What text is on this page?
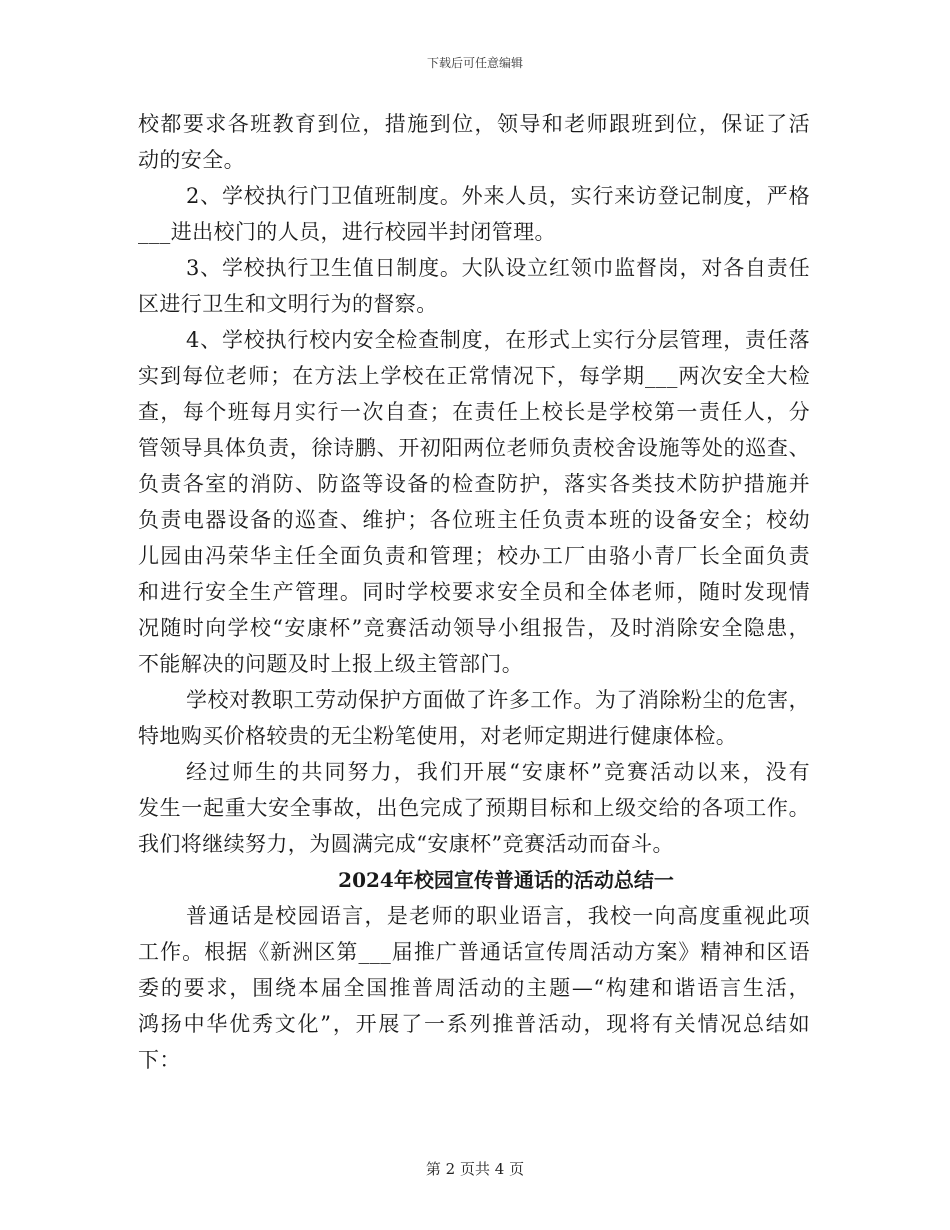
下载后可任意编辑
校都要求各班教育到位，措施到位，领导和老师跟班到位，保证了活
动的安全。
2、学校执行门卫值班制度。外来人员，实行来访登记制度，严格
___进出校门的人员，进行校园半封闭管理。
3、学校执行卫生值日制度。大队设立红领巾监督岗，对各自责任
区进行卫生和文明行为的督察。
4、学校执行校内安全检查制度，在形式上实行分层管理，责任落
实到每位老师；在方法上学校在正常情况下，每学期___两次安全大检
查，每个班每月实行一次自查；在责任上校长是学校第一责任人，分
管领导具体负责，徐诗鹏、开初阳两位老师负责校舍设施等处的巡查、
负责各室的消防、防盗等设备的检查防护，落实各类技术防护措施并
负责电器设备的巡查、维护；各位班主任负责本班的设备安全；校幼
儿园由冯荣华主任全面负责和管理；校办工厂由骆小青厂长全面负责
和进行安全生产管理。同时学校要求安全员和全体老师，随时发现情
况随时向学校“安康杯”竞赛活动领导小组报告，及时消除安全隐患，
不能解决的问题及时上报上级主管部门。
学校对教职工劳动保护方面做了许多工作。为了消除粉尘的危害，
特地购买价格较贵的无尘粉笔使用，对老师定期进行健康体检。
经过师生的共同努力，我们开展“安康杯”竞赛活动以来，没有
发生一起重大安全事故，出色完成了预期目标和上级交给的各项工作。
我们将继续努力，为圆满完成“安康杯”竞赛活动而奋斗。
2024年校园宣传普通话的活动总结一
普通话是校园语言，是老师的职业语言，我校一向高度重视此项
工作。根据《新洲区第___届推广普通话宣传周活动方案》精神和区语
委的要求，围绕本届全国推普周活动的主题—“构建和谐语言生活，
鸿扬中华优秀文化”，开展了一系列推普活动，现将有关情况总结如
下：
第 2 页共 4 页
